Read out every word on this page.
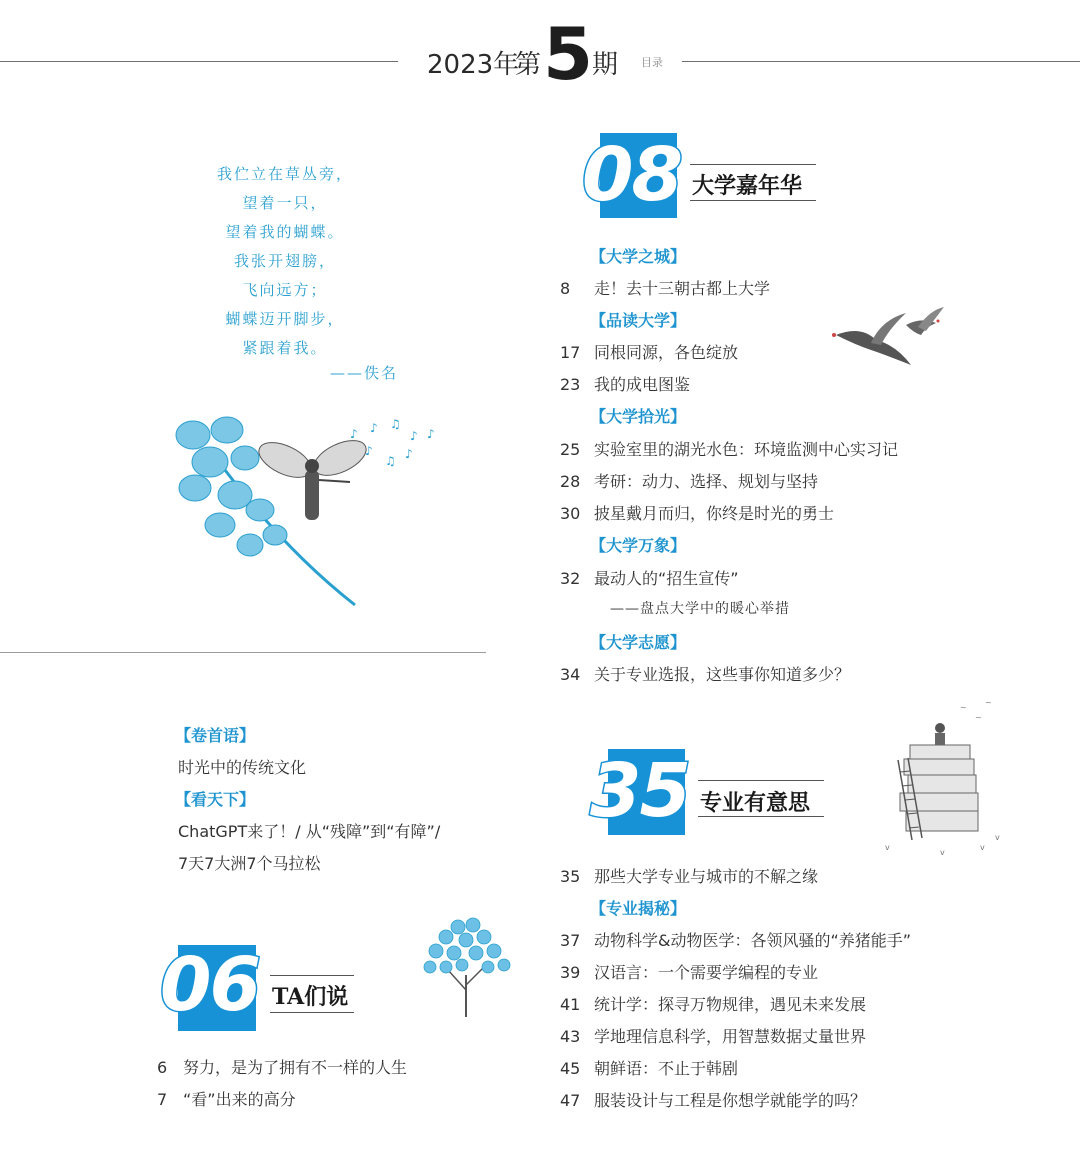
2023年
第 5
期 目录
我伫立在草丛旁，
望着一只，
望着我的蝴蝶。
我张开翅膀，
飞向远方；
蝴蝶迈开脚步，
紧跟着我。
——佚名
♪ ♪ ♫
♪
♪
♫ ♪
♪
【卷首语】
时光中的传统文化
【看天下】
ChatGPT来了！/ 从“残障”到“有障”/
7天7大洲7个马拉松
06 TA们说
6 努力，是为了拥有不一样的人生
7 “看”出来的高分
08 大学嘉年华
【大学之城】
8 走！去十三朝古都上大学
【品读大学】
17 同根同源，各色绽放
23 我的成电图鉴
【大学拾光】
25 实验室里的湖光水色：环境监测中心实习记
28 考研：动力、选择、规划与坚持
30 披星戴月而归，你终是时光的勇士
【大学万象】
32 最动人的“招生宣传”
——盘点大学中的暖心举措
【大学志愿】
34 关于专业选报，这些事你知道多少？
35 专业有意思
~
~
~
v	v
v
v
35 那些大学专业与城市的不解之缘
【专业揭秘】
37 动物科学&动物医学：各领风骚的“养猪能手”
39 汉语言：一个需要学编程的专业
41 统计学：探寻万物规律，遇见未来发展
43 学地理信息科学，用智慧数据丈量世界
45 朝鲜语：不止于韩剧
47 服装设计与工程是你想学就能学的吗？
